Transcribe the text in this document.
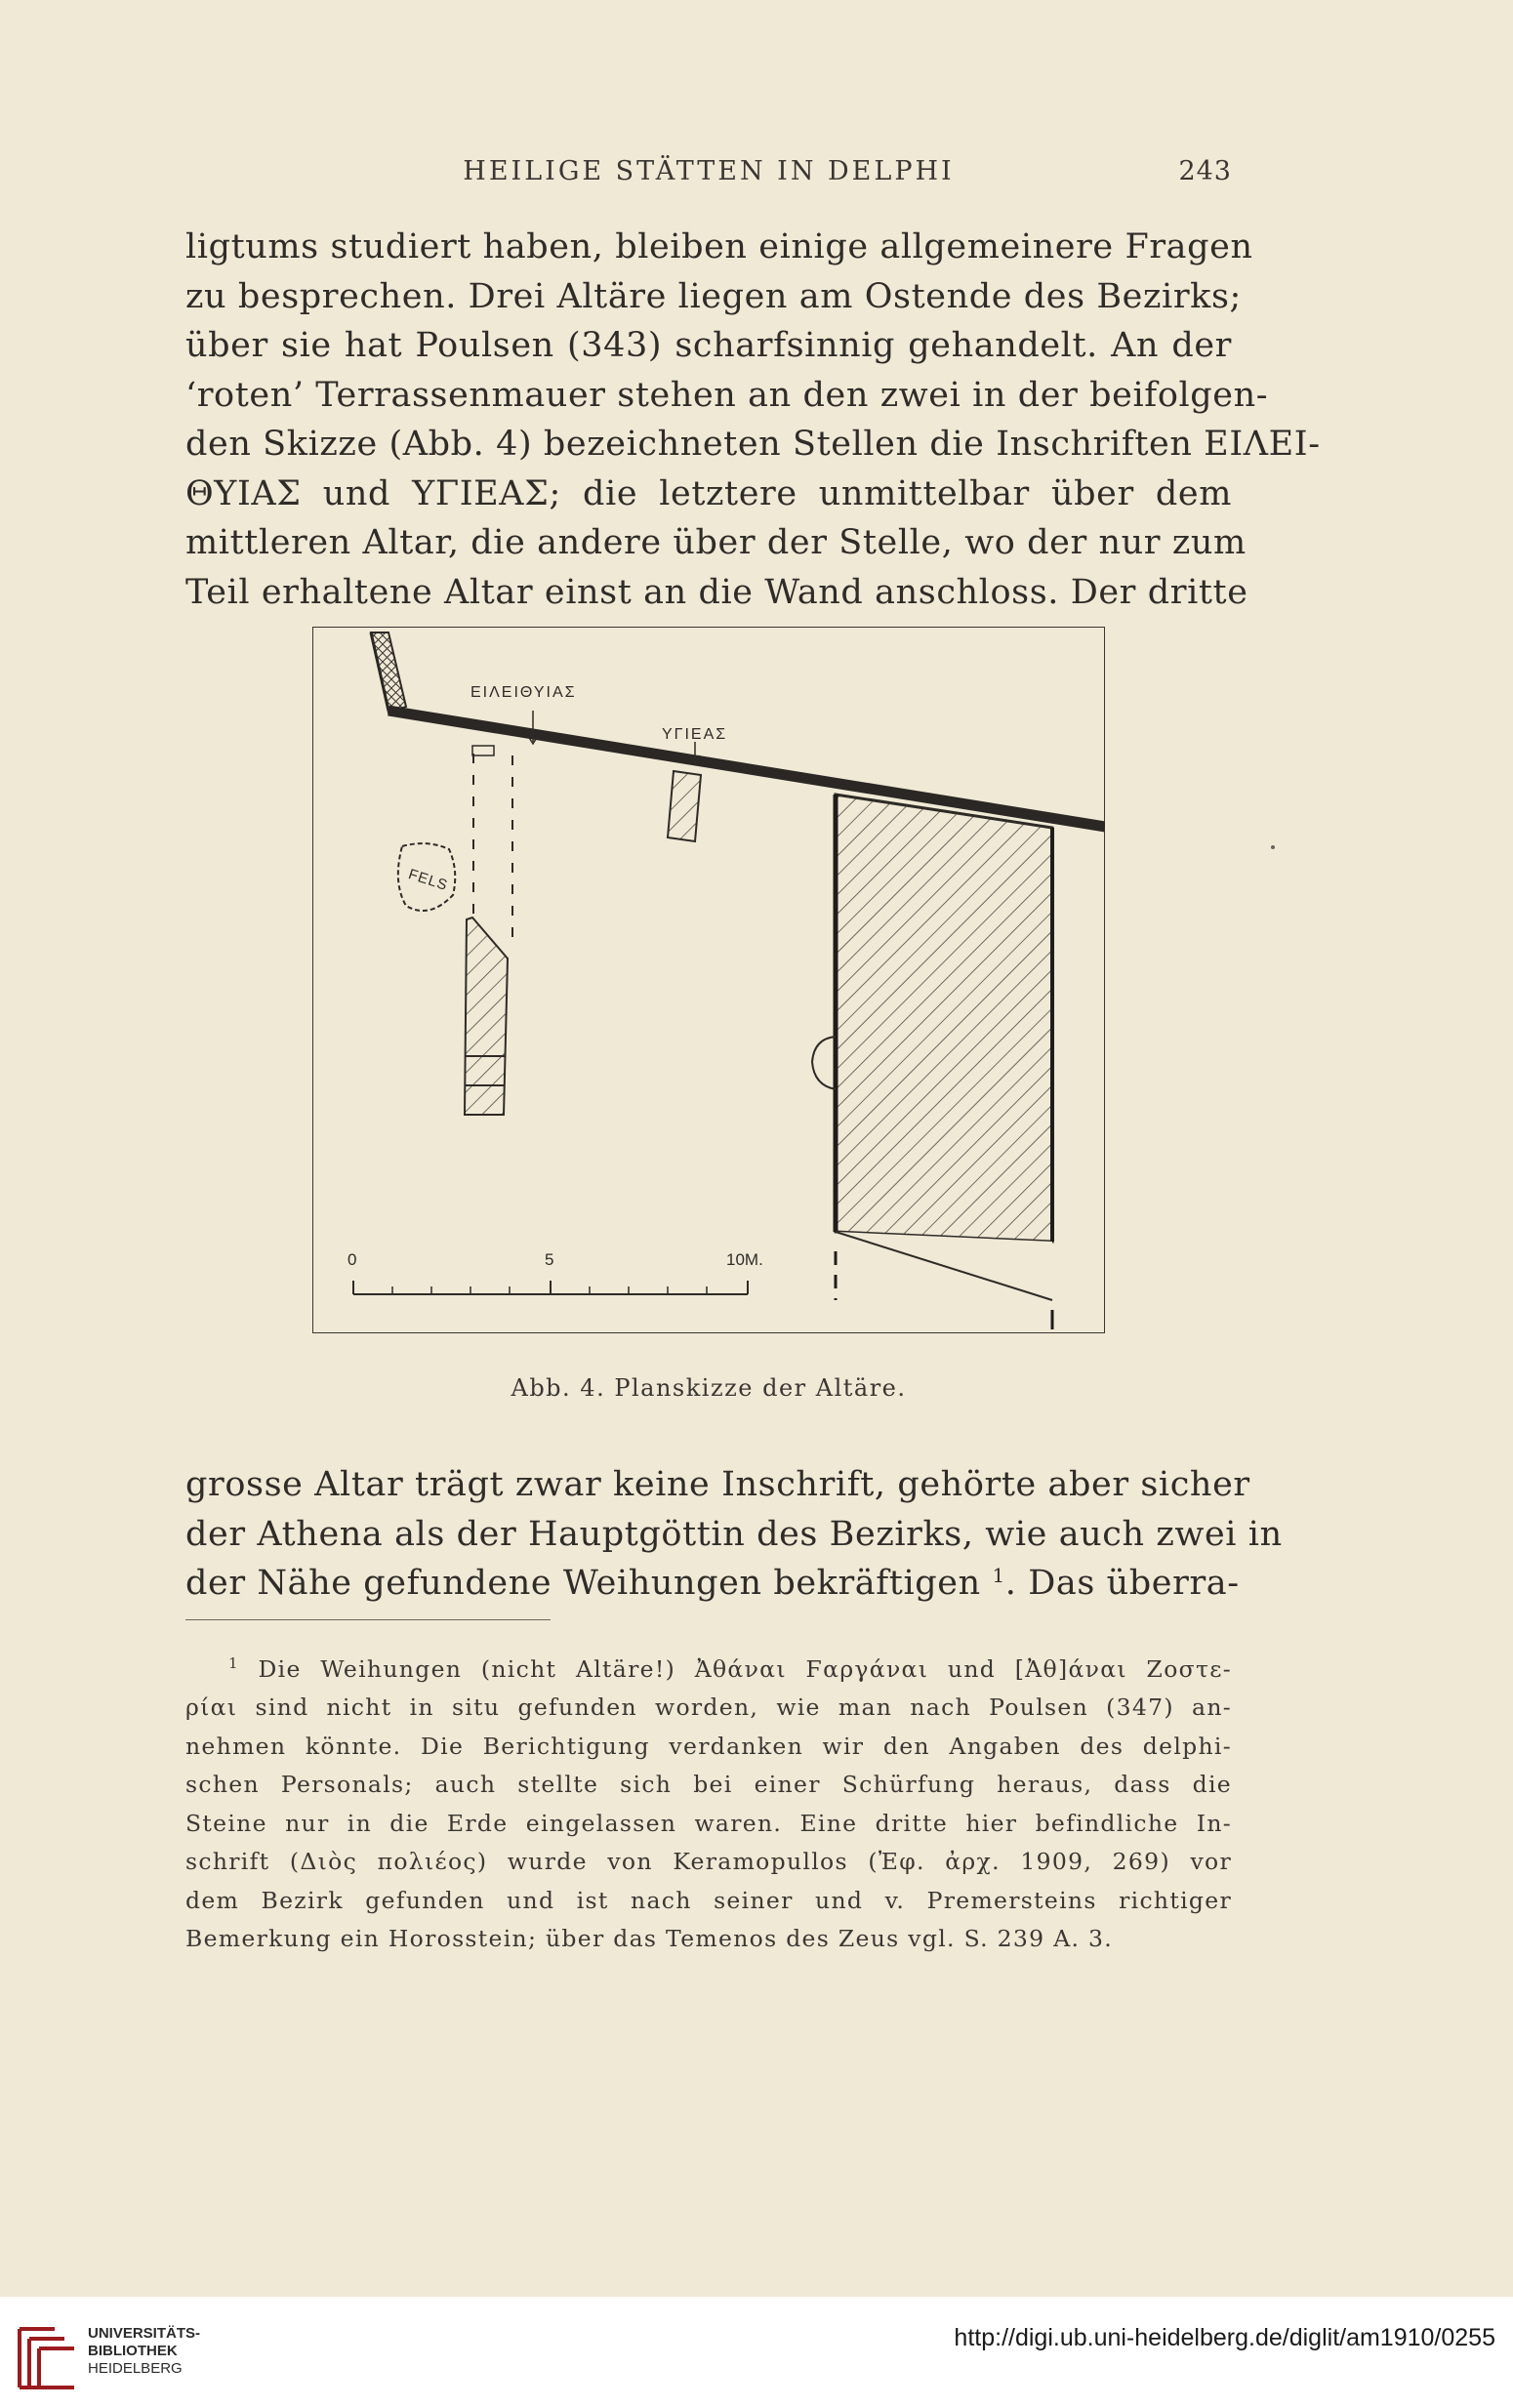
HEILIGE STÄTTEN IN DELPHI	243
ligtums studiert haben, bleiben einige allgemeinere Fragen
zu besprechen. Drei Altäre liegen am Ostende des Bezirks;
über sie hat Poulsen (343) scharfsinnig gehandelt. An der
‘roten’ Terrassenmauer stehen an den zwei in der beifolgen-
den Skizze (Abb. 4) bezeichneten Stellen die Inschriften ΕΙΛΕΙ-
ΘΥΙΑΣ und ΥΓΙΕΑΣ; die letztere unmittelbar über dem
mittleren Altar, die andere über der Stelle, wo der nur zum
Teil erhaltene Altar einst an die Wand anschloss. Der dritte
ΕΙΛΕΙΘΥΙΑΣ
ΥΓΙΕΑΣ
FELS
0	5	10M.
Abb. 4. Planskizze der Altäre.
grosse Altar trägt zwar keine Inschrift, gehörte aber sicher
der Athena als der Hauptgöttin des Bezirks, wie auch zwei in
der Nähe gefundene Weihungen bekräftigen $^1$. Das überra-
$^1$ Die Weihungen (nicht Altäre!) Ἀθάναι Ϝαργάναι und [Ἀθ]άναι Ζοστε-
ρίαι sind nicht in situ gefunden worden, wie man nach Poulsen (347) an-
nehmen könnte. Die Berichtigung verdanken wir den Angaben des delphi-
schen Personals; auch stellte sich bei einer Schürfung heraus, dass die
Steine nur in die Erde eingelassen waren. Eine dritte hier befindliche In-
schrift (Διὸς πολιέος) wurde von Keramopullos (Ἐφ. ἀρχ. 1909, 269) vor
dem Bezirk gefunden und ist nach seiner und v. Premersteins richtiger
Bemerkung ein Horosstein; über das Temenos des Zeus vgl. S. 239 A. 3.
UNIVERSITÄTS-
BIBLIOTHEK
HEIDELBERG
http://digi.ub.uni-heidelberg.de/diglit/am1910/0255
